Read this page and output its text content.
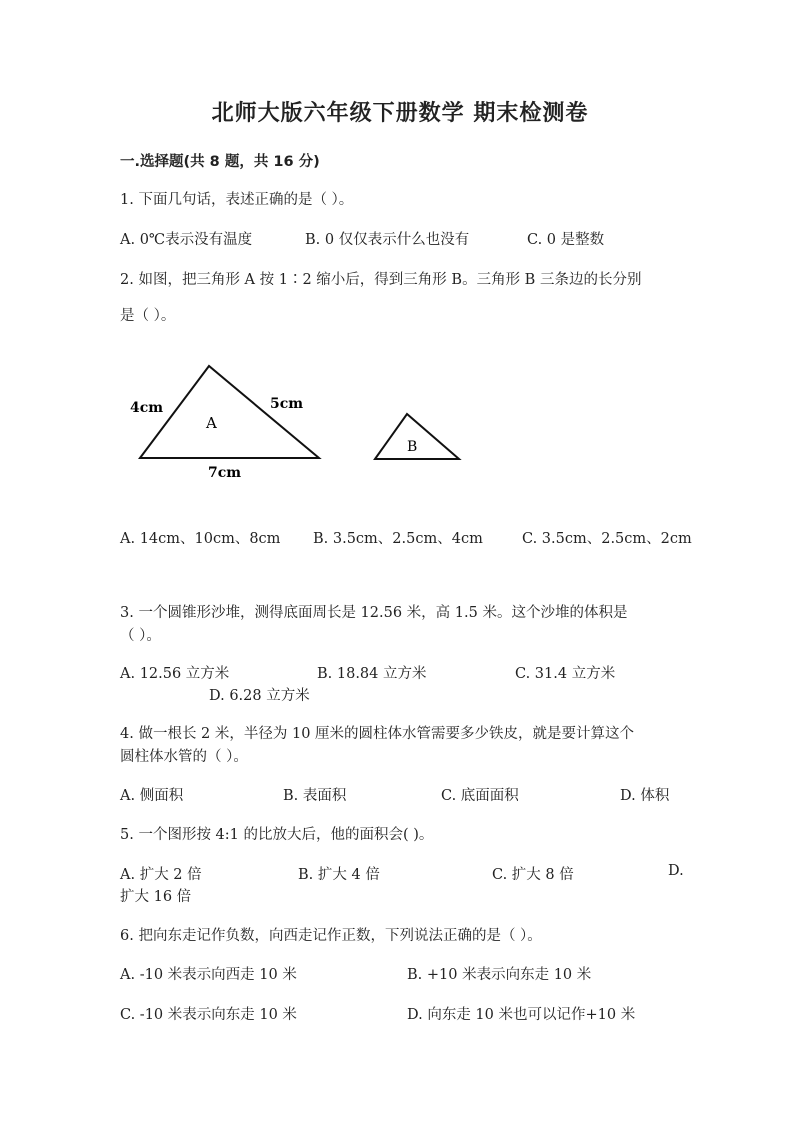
北师大版六年级下册数学 期末检测卷
一.选择题(共 8 题，共 16 分)
1. 下面几句话，表述正确的是（ ）。
A. 0℃表示没有温度	B. 0 仅仅表示什么也没有	C. 0 是整数
2. 如图，把三角形 A 按 1∶2 缩小后，得到三角形 B。三角形 B 三条边的长分别
是（ ）。
4cm	5cm
7cm
A
B
A. 14cm、10cm、8cm B. 3.5cm、2.5cm、4cm	C. 3.5cm、2.5cm、2cm
3. 一个圆锥形沙堆，测得底面周长是 12.56 米，高 1.5 米。这个沙堆的体积是
（ ）。
A. 12.56 立方米	B. 18.84 立方米	C. 31.4 立方米
D. 6.28 立方米
4. 做一根长 2 米，半径为 10 厘米的圆柱体水管需要多少铁皮，就是要计算这个
圆柱体水管的（ ）。
A. 侧面积	B. 表面积	C. 底面面积	D. 体积
5. 一个图形按 4:1 的比放大后，他的面积会( )。
A. 扩大 2 倍	B. 扩大 4 倍	C. 扩大 8 倍	D.
扩大 16 倍
6. 把向东走记作负数，向西走记作正数，下列说法正确的是（ ）。
A. -10 米表示向西走 10 米	B. +10 米表示向东走 10 米
C. -10 米表示向东走 10 米	D. 向东走 10 米也可以记作+10 米
